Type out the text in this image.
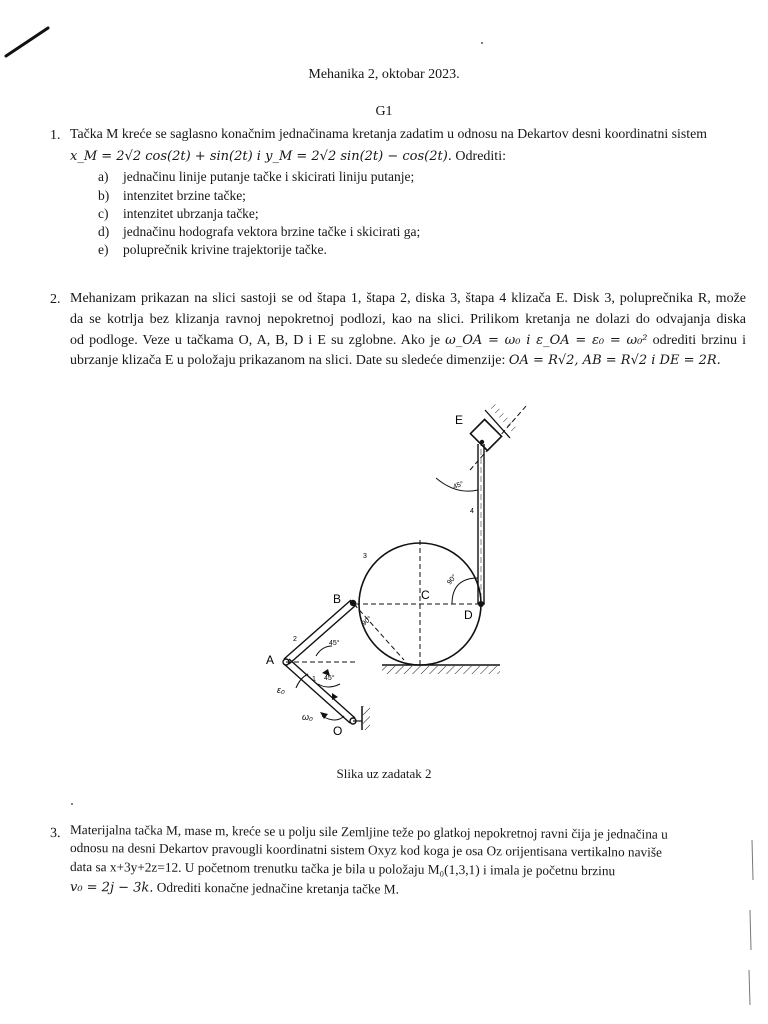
Mehanika 2, oktobar 2023.
G1
1. Tačka M kreće se saglasno konačnim jednačinama kretanja zadatim u odnosu na Dekartov desni koordinatni sistem
x_M = 2√2 cos(2t) + sin(2t) i y_M = 2√2 sin(2t) − cos(2t). Odrediti:
a) jednačinu linije putanje tačke i skicirati liniju putanje;
b) intenzitet brzine tačke;
c) intenzitet ubrzanja tačke;
d) jednačinu hodografa vektora brzine tačke i skicirati ga;
e) poluprečnik krivine trajektorije tačke.
2. Mehanizam prikazan na slici sastoji se od štapa 1, štapa 2, diska 3, štapa 4 klizača E. Disk 3, poluprečnika R, može
da se kotrlja bez klizanja ravnoj nepokretnoj podlozi, kao na slici. Prilikom kretanja ne dolazi do odvajanja diska
od podloge. Veze u tačkama O, A, B, D i E su zglobne. Ako je ω_OA = ω₀ i ε_OA = ε₀ = ω₀² odrediti brzinu i
ubrzanje klizača E u položaju prikazanom na slici. Date su sledeće dimenzije: OA = R√2, AB = R√2 i DE = 2R.
E
B	C
D
A
O
1
2
3
4
45°
90°
45°
45°
90°
ε₀
ω₀
Slika uz zadatak 2
3. Materijalna tačka M, mase m, kreće se u polju sile Zemljine teže po glatkoj nepokretnoj ravni čija je jednačina u
odnosu na desni Dekartov pravougli koordinatni sistem Oxyz kod koga je osa Oz orijentisana vertikalno naviše
data sa x+3y+2z=12. U početnom trenutku tačka je bila u položaju M₀(1,3,1) i imala je početnu brzinu
v₀ = 2j − 3k. Odrediti konačne jednačine kretanja tačke M.
